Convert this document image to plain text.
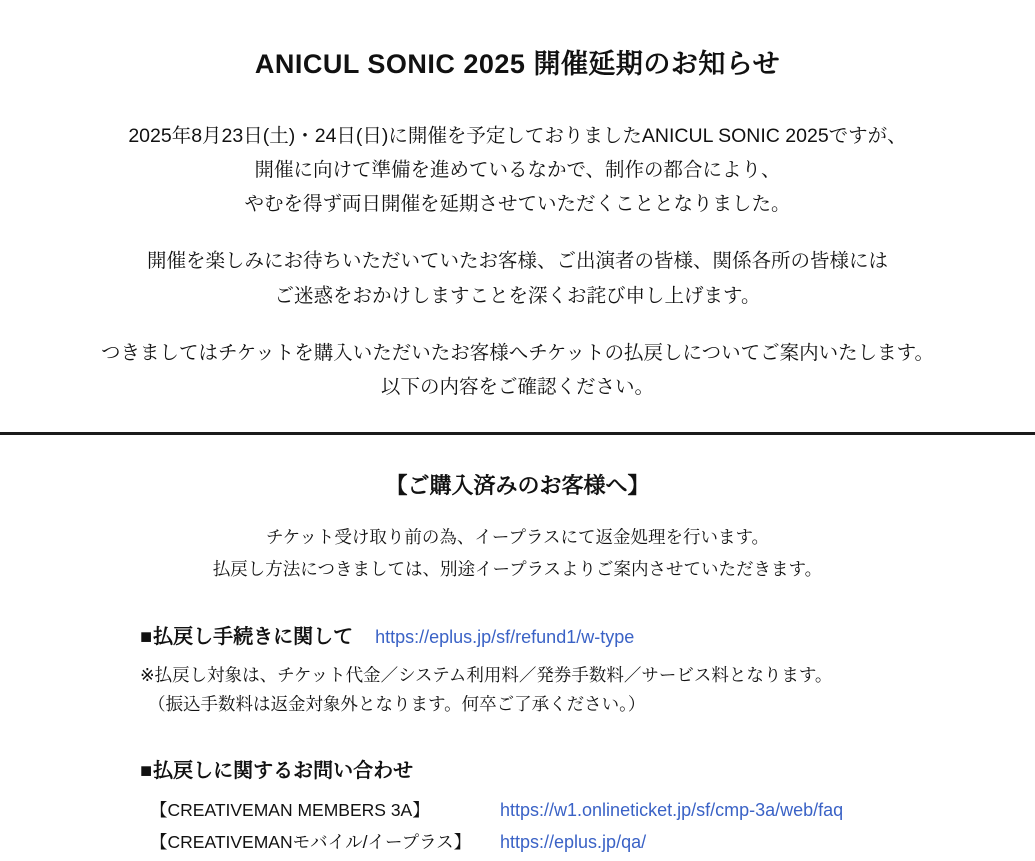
ANICUL SONIC 2025 開催延期のお知らせ

2025年8月23日(土)・24日(日)に開催を予定しておりましたANICUL SONIC 2025ですが、

開催に向けて準備を進めているなかで、制作の都合により、

やむを得ず両日開催を延期させていただくこととなりました。

開催を楽しみにお待ちいただいていたお客様、ご出演者の皆様、関係各所の皆様には

ご迷惑をおかけしますことを深くお詫び申し上げます。

つきましてはチケットを購入いただいたお客様へチケットの払戻しについてご案内いたします。

以下の内容をご確認ください。

【ご購入済みのお客様へ】

チケット受け取り前の為、イープラスにて返金処理を行います。

払戻し方法につきましては、別途イープラスよりご案内させていただきます。

■ 払戻し手続きに関して https://eplus.jp/sf/refund1/w-type
※払戻し対象は、チケット代金／システム利用料／発券手数料／サービス料となります。
（振込手数料は返金対象外となります。何卒ご了承ください。）
■ 払戻しに関するお問い合わせ
【CREATIVEMAN MEMBERS 3A】	https://w1.onlineticket.jp/sf/cmp-3a/web/faq
【CREATIVEMANモバイル/イープラス】	https://eplus.jp/qa/
